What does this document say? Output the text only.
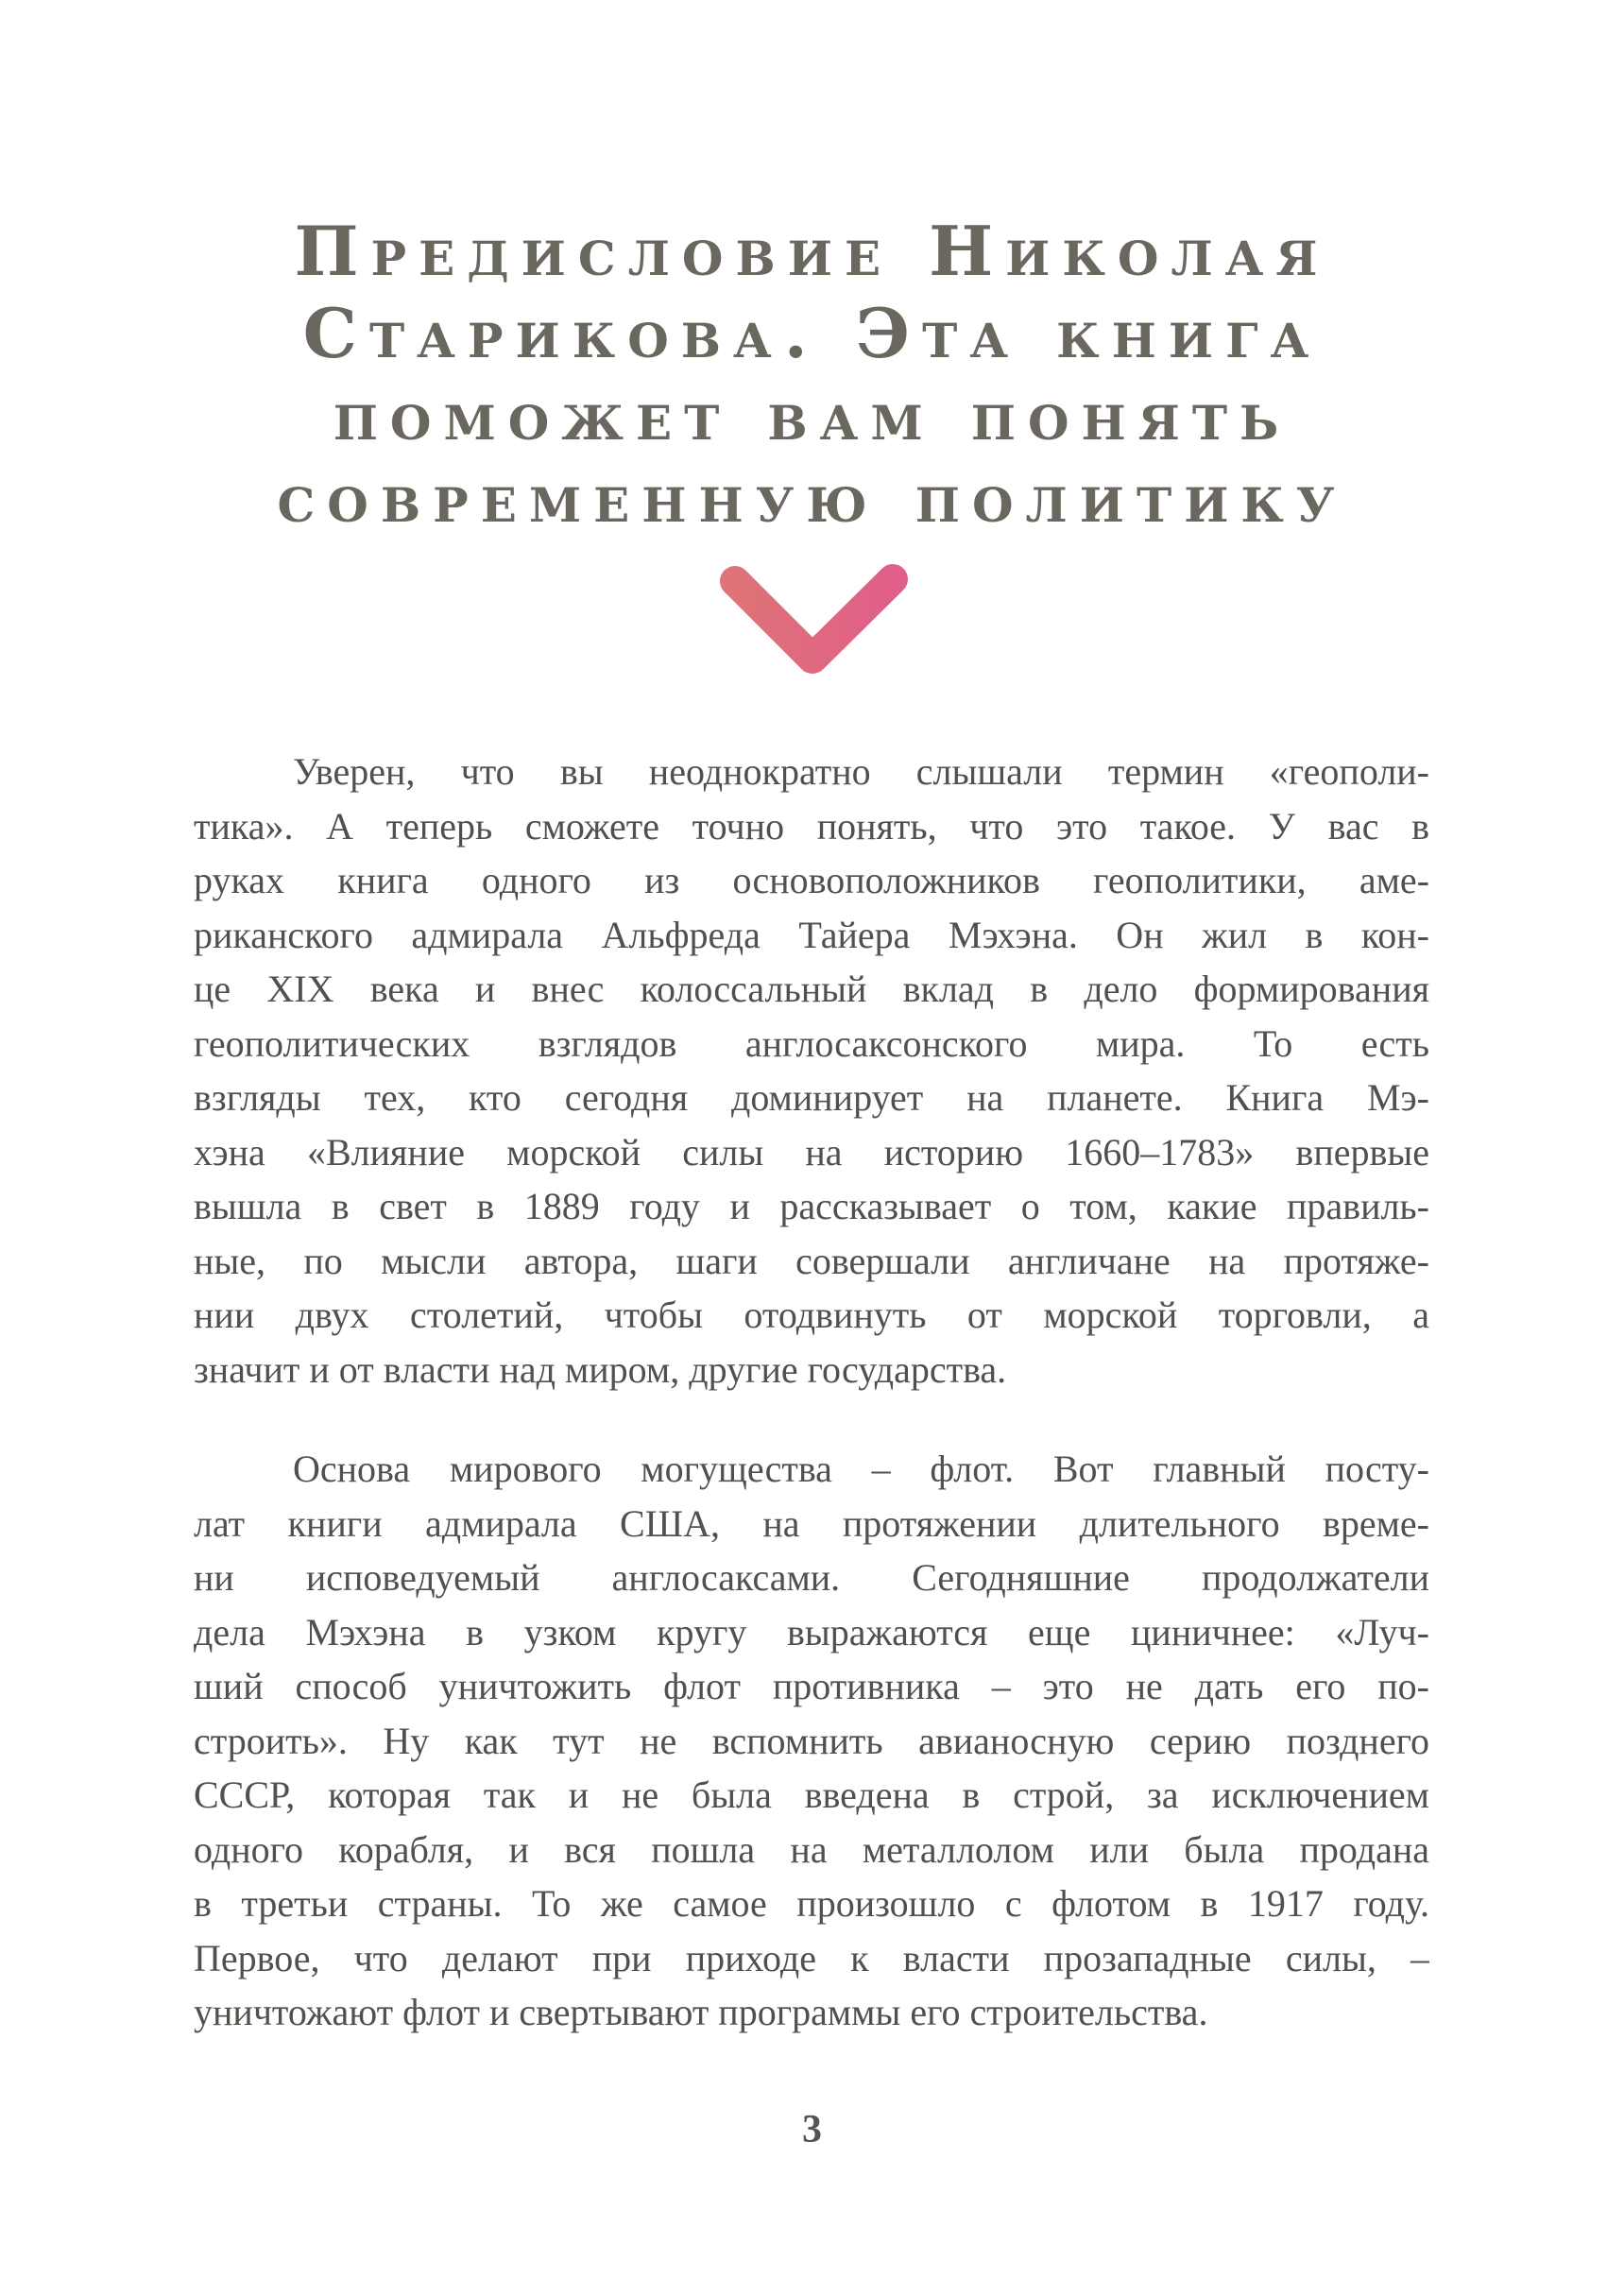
Предисловие Николая
Старикова. Эта книга
поможет вам понять
современную политику
Уверен, что вы неоднократно слышали термин «геополи-
тика». А теперь сможете точно понять, что это такое. У вас в
руках книга одного из основоположников геополитики, аме-
риканского адмирала Альфреда Тайера Мэхэна. Он жил в кон-
це XIX века и внес колоссальный вклад в дело формирования
геополитических взглядов англосаксонского мира. То есть
взгляды тех, кто сегодня доминирует на планете. Книга Мэ-
хэна «Влияние морской силы на историю 1660–1783» впервые
вышла в свет в 1889 году и рассказывает о том, какие правиль-
ные, по мысли автора, шаги совершали англичане на протяже-
нии двух столетий, чтобы отодвинуть от морской торговли, а
значит и от власти над миром, другие государства.
Основа мирового могущества – флот. Вот главный посту-
лат книги адмирала США, на протяжении длительного време-
ни исповедуемый англосаксами. Сегодняшние продолжатели
дела Мэхэна в узком кругу выражаются еще циничнее: «Луч-
ший способ уничтожить флот противника – это не дать его по-
строить». Ну как тут не вспомнить авианосную серию позднего
СССР, которая так и не была введена в строй, за исключением
одного корабля, и вся пошла на металлолом или была продана
в третьи страны. То же самое произошло с флотом в 1917 году.
Первое, что делают при приходе к власти прозападные силы, –
уничтожают флот и свертывают программы его строительства.
3
